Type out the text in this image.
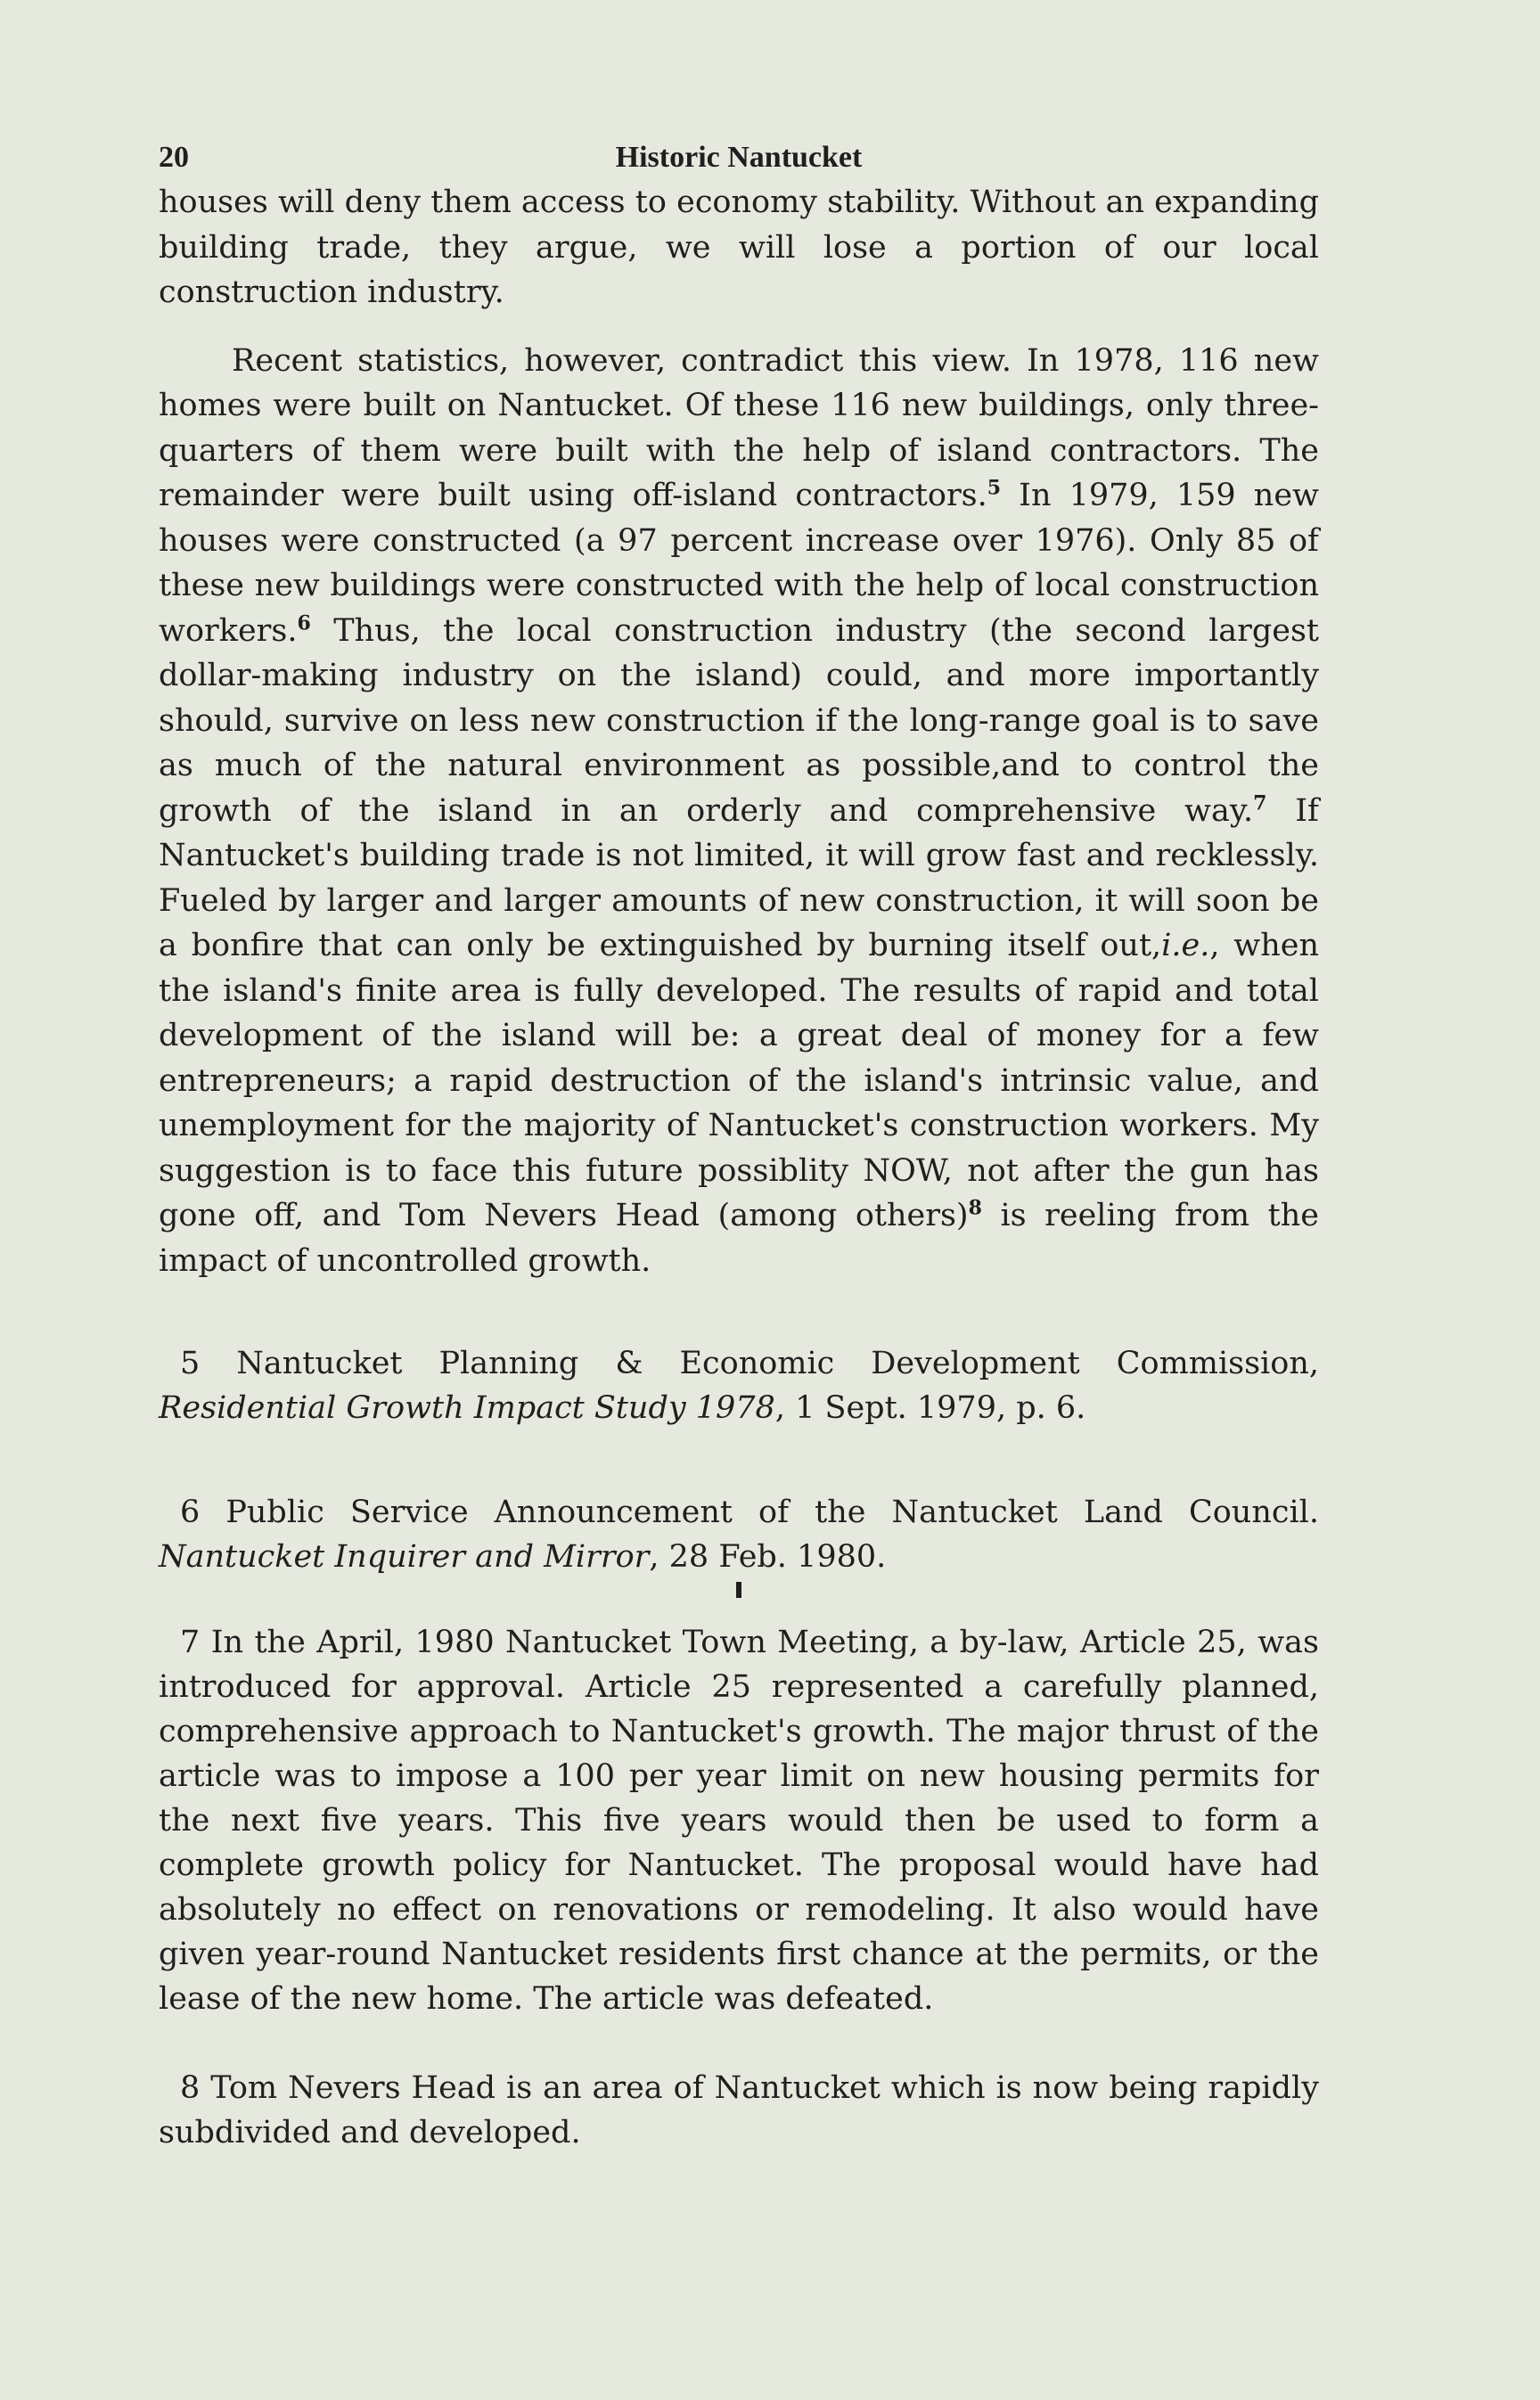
20	Historic Nantucket

houses will deny them access to economy stability. Without an expanding building trade, they argue, we will lose a portion of our local construction industry.

Recent statistics, however, contradict this view. In 1978, 116 new homes were built on Nantucket. Of these 116 new buildings, only three-quarters of them were built with the help of island contractors. The remainder were built using off-island contractors.$^5$ In 1979, 159 new houses were constructed (a 97 percent increase over 1976). Only 85 of these new buildings were constructed with the help of local construction workers.$^6$ Thus, the local construction industry (the second largest dollar-making industry on the island) could, and more importantly should, survive on less new construction if the long-range goal is to save as much of the natural environment as possible,and to control the growth of the island in an orderly and comprehensive way.$^7$ If Nantucket's building trade is not limited, it will grow fast and recklessly. Fueled by larger and larger amounts of new construction, it will soon be a bonfire that can only be extinguished by burning itself out,i.e., when the island's finite area is fully developed. The results of rapid and total development of the island will be: a great deal of money for a few entrepreneurs; a rapid destruction of the island's intrinsic value, and unemployment for the majority of Nantucket's construction workers. My suggestion is to face this future possiblity NOW, not after the gun has gone off, and Tom Nevers Head (among others)$^8$ is reeling from the impact of uncontrolled growth.

5 Nantucket Planning & Economic Development Commission, Residential Growth Impact Study 1978, 1 Sept. 1979, p. 6.

6 Public Service Announcement of the Nantucket Land Council. Nantucket Inquirer and Mirror, 28 Feb. 1980.

7 In the April, 1980 Nantucket Town Meeting, a by-law, Article 25, was introduced for approval. Article 25 represented a carefully planned, comprehensive approach to Nantucket's growth. The major thrust of the article was to impose a 100 per year limit on new housing permits for the next five years. This five years would then be used to form a complete growth policy for Nantucket. The proposal would have had absolutely no effect on renovations or remodeling. It also would have given year-round Nantucket residents first chance at the permits, or the lease of the new home. The article was defeated.

8 Tom Nevers Head is an area of Nantucket which is now being rapidly subdivided and developed.
